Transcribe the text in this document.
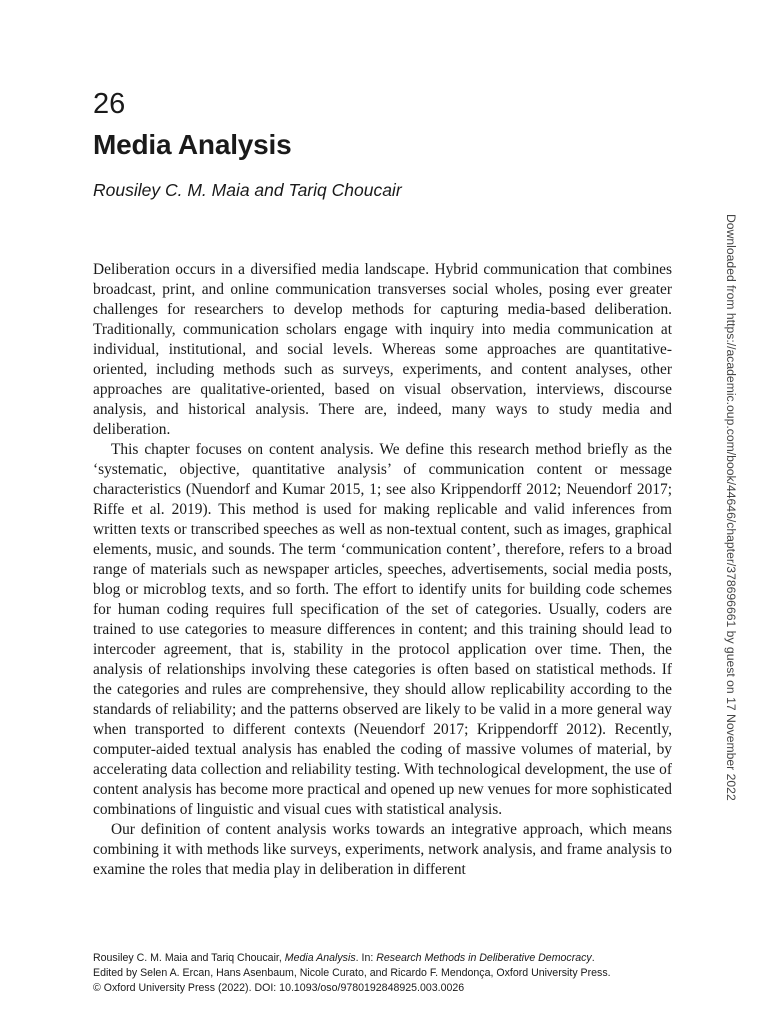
26
Media Analysis

Rousiley C. M. Maia and Tariq Choucair

Deliberation occurs in a diversified media landscape. Hybrid communication that combines broadcast, print, and online communication transverses social wholes, posing ever greater challenges for researchers to develop methods for capturing media-based deliberation. Traditionally, communication scholars engage with inquiry into media communication at individual, institutional, and social levels. Whereas some approaches are quantitative-oriented, including methods such as surveys, experiments, and content analyses, other approaches are qualitative-oriented, based on visual observation, interviews, discourse analysis, and historical analysis. There are, indeed, many ways to study media and deliberation.

This chapter focuses on content analysis. We define this research method briefly as the ‘systematic, objective, quantitative analysis’ of communication content or message characteristics (Nuendorf and Kumar 2015, 1; see also Krippendorff 2012; Neuendorf 2017; Riffe et al. 2019). This method is used for making replicable and valid inferences from written texts or transcribed speeches as well as non-textual content, such as images, graphical elements, music, and sounds. The term ‘communication content’, therefore, refers to a broad range of materials such as newspaper articles, speeches, advertisements, social media posts, blog or microblog texts, and so forth. The effort to identify units for building code schemes for human coding requires full specification of the set of categories. Usually, coders are trained to use categories to measure differences in content; and this training should lead to intercoder agreement, that is, stability in the protocol application over time. Then, the analysis of relationships involving these categories is often based on statistical methods. If the categories and rules are comprehensive, they should allow replicability according to the standards of reliability; and the patterns observed are likely to be valid in a more general way when transported to different contexts (Neuendorf 2017; Krippendorff 2012). Recently, computer-aided textual analysis has enabled the coding of massive volumes of material, by accelerating data collection and reliability testing. With technological development, the use of content analysis has become more practical and opened up new venues for more sophisticated combinations of linguistic and visual cues with statistical analysis.

Our definition of content analysis works towards an integrative approach, which means combining it with methods like surveys, experiments, network analysis, and frame analysis to examine the roles that media play in deliberation in different

Rousiley C. M. Maia and Tariq Choucair, Media Analysis. In: Research Methods in Deliberative Democracy.
Edited by Selen A. Ercan, Hans Asenbaum, Nicole Curato, and Ricardo F. Mendonça, Oxford University Press.
© Oxford University Press (2022). DOI: 10.1093/oso/9780192848925.003.0026
Downloaded from https://academic.oup.com/book/44646/chapter/378696661 by guest on 17 November 2022
